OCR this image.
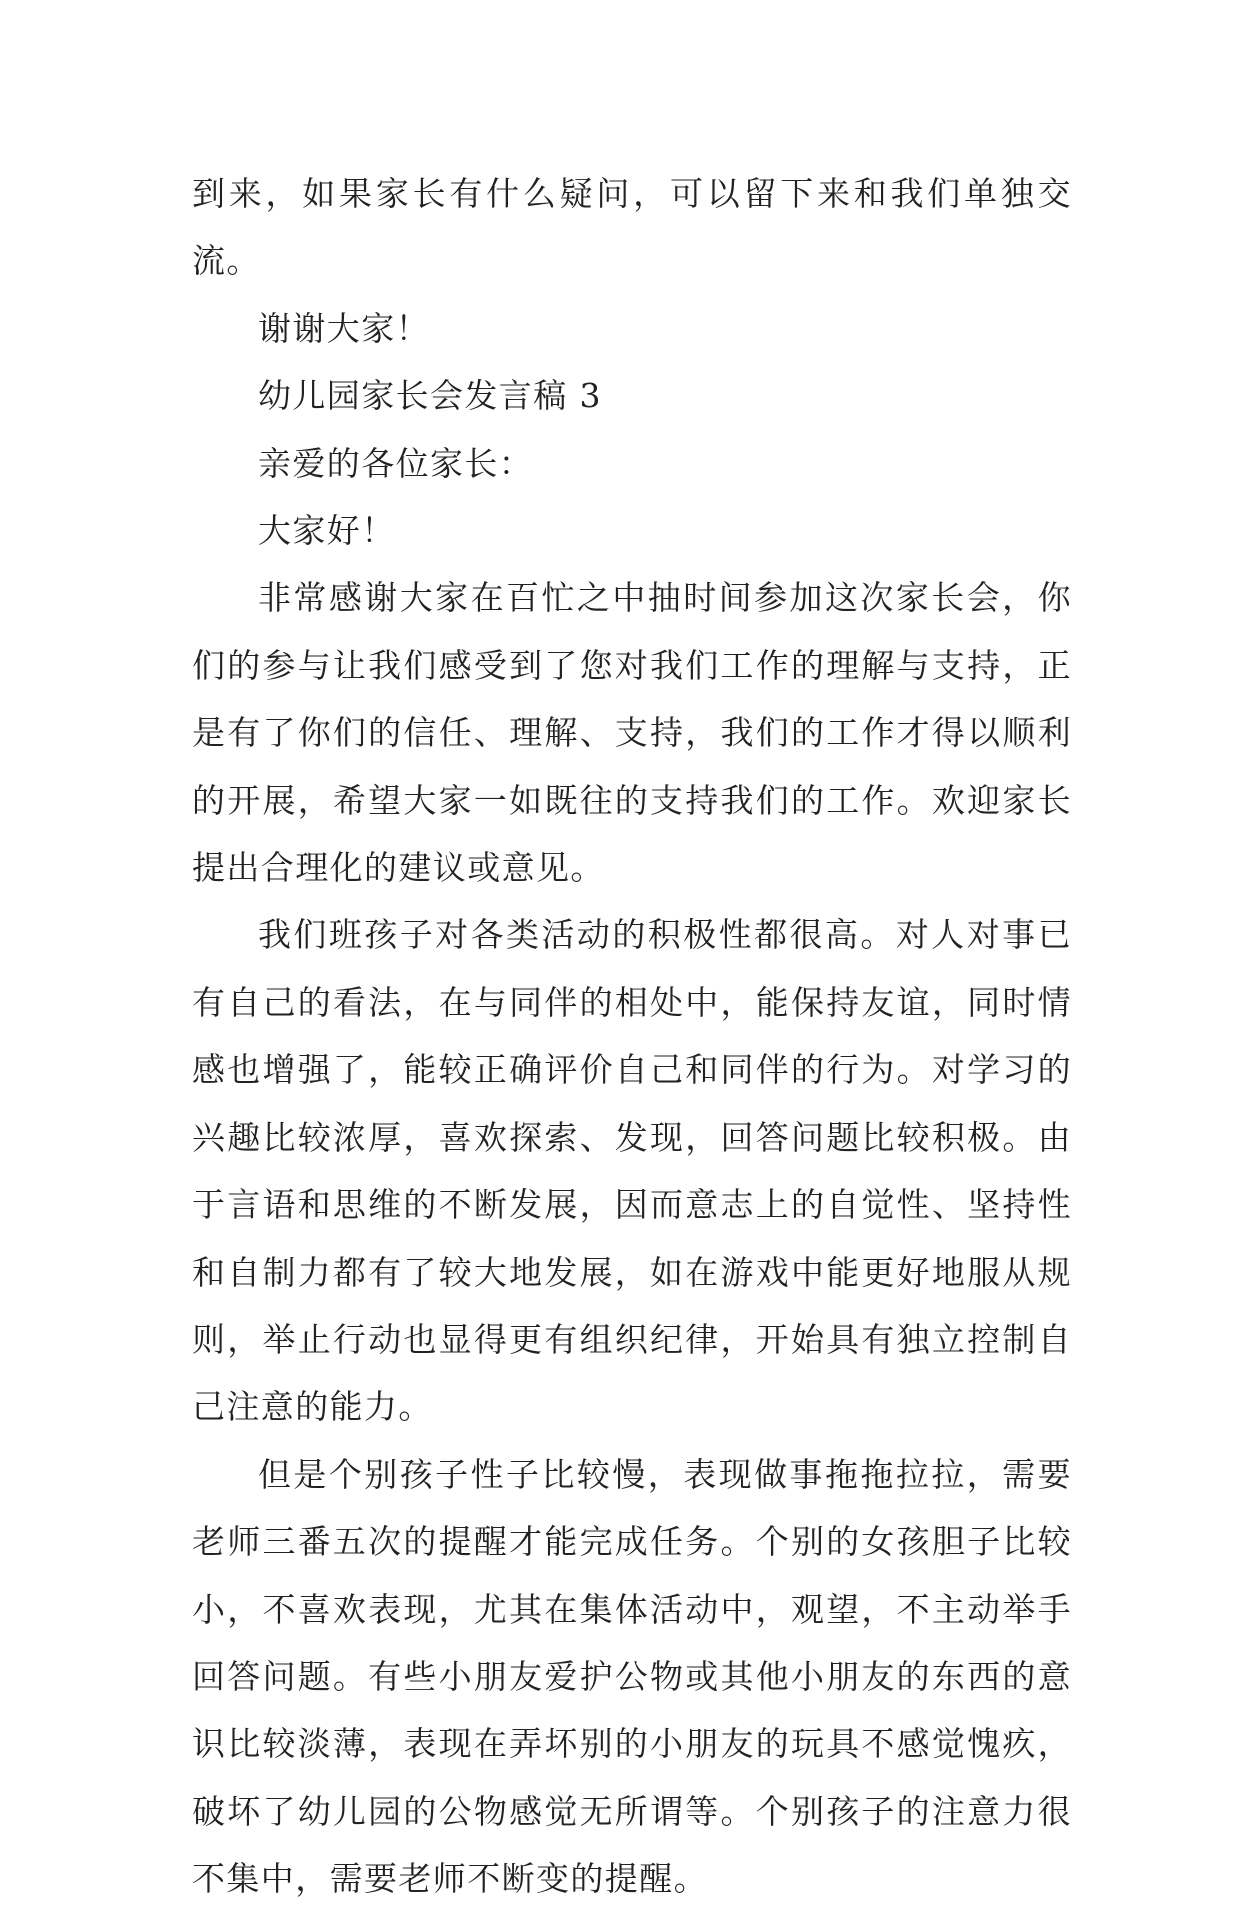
到来，如果家长有什么疑问，可以留下来和我们单独交流。

谢谢大家！

幼儿园家长会发言稿 3

亲爱的各位家长：

大家好！

非常感谢大家在百忙之中抽时间参加这次家长会，你们的参与让我们感受到了您对我们工作的理解与支持，正是有了你们的信任、理解、支持，我们的工作才得以顺利的开展，希望大家一如既往的支持我们的工作。欢迎家长提出合理化的建议或意见。

我们班孩子对各类活动的积极性都很高。对人对事已有自己的看法，在与同伴的相处中，能保持友谊，同时情感也增强了，能较正确评价自己和同伴的行为。对学习的兴趣比较浓厚，喜欢探索、发现，回答问题比较积极。由于言语和思维的不断发展，因而意志上的自觉性、坚持性和自制力都有了较大地发展，如在游戏中能更好地服从规则，举止行动也显得更有组织纪律，开始具有独立控制自己注意的能力。

但是个别孩子性子比较慢，表现做事拖拖拉拉，需要老师三番五次的提醒才能完成任务。个别的女孩胆子比较小，不喜欢表现，尤其在集体活动中，观望，不主动举手回答问题。有些小朋友爱护公物或其他小朋友的东西的意识比较淡薄，表现在弄坏别的小朋友的玩具不感觉愧疚，破坏了幼儿园的公物感觉无所谓等。个别孩子的注意力很不集中，需要老师不断变的提醒。
